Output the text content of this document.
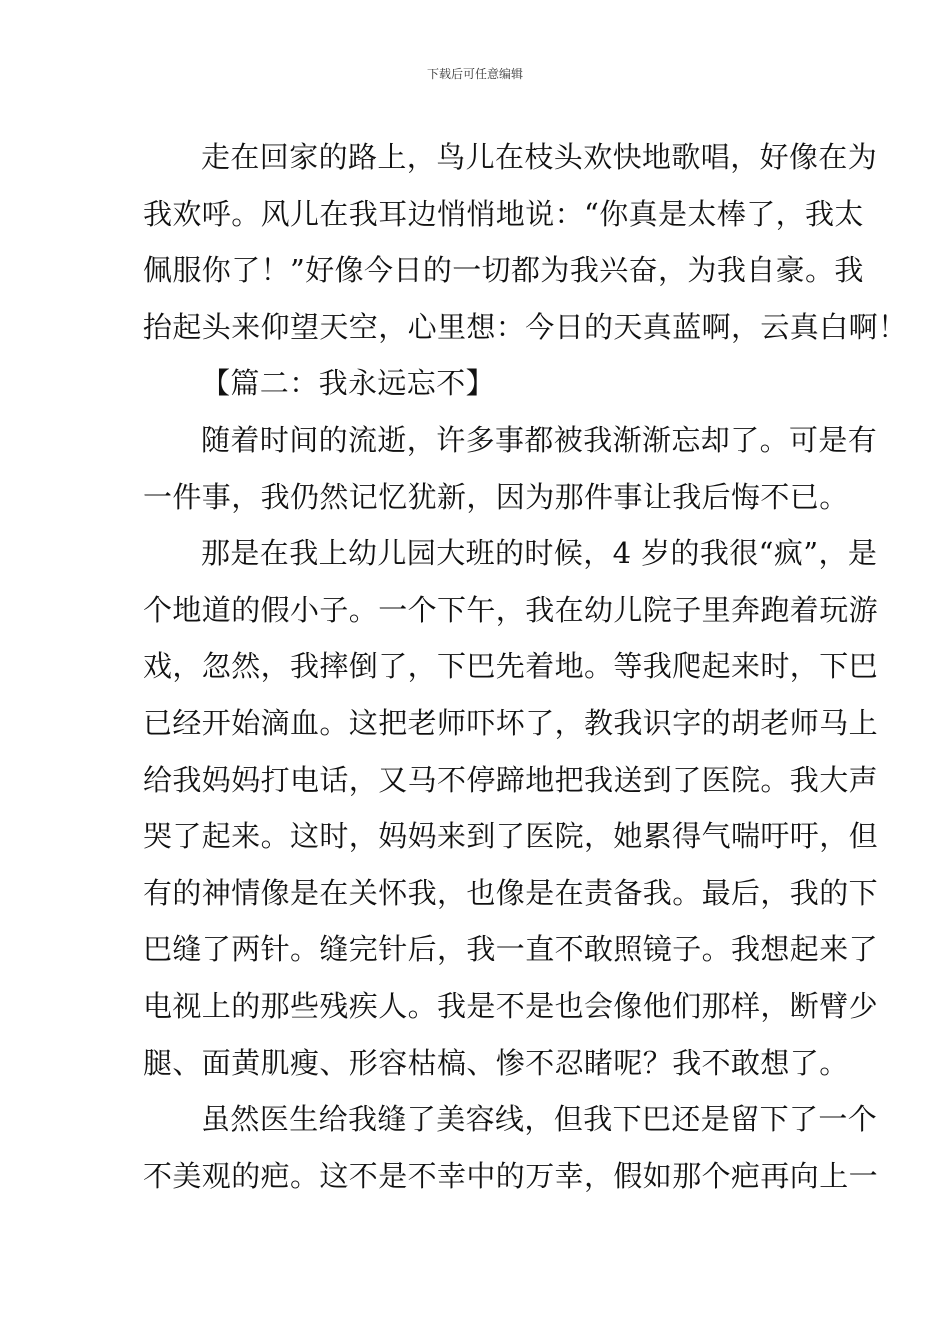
下载后可任意编辑
走在回家的路上，鸟儿在枝头欢快地歌唱，好像在为
我欢呼。风儿在我耳边悄悄地说：“你真是太棒了，我太
佩服你了！”好像今日的一切都为我兴奋，为我自豪。我
抬起头来仰望天空，心里想：今日的天真蓝啊，云真白啊！
【篇二：我永远忘不】
随着时间的流逝，许多事都被我渐渐忘却了。可是有
一件事，我仍然记忆犹新，因为那件事让我后悔不已。
那是在我上幼儿园大班的时候，4 岁的我很“疯”，是
个地道的假小子。一个下午，我在幼儿院子里奔跑着玩游
戏，忽然，我摔倒了，下巴先着地。等我爬起来时，下巴
已经开始滴血。这把老师吓坏了，教我识字的胡老师马上
给我妈妈打电话，又马不停蹄地把我送到了医院。我大声
哭了起来。这时，妈妈来到了医院，她累得气喘吁吁，但
有的神情像是在关怀我，也像是在责备我。最后，我的下
巴缝了两针。缝完针后，我一直不敢照镜子。我想起来了
电视上的那些残疾人。我是不是也会像他们那样，断臂少
腿、面黄肌瘦、形容枯槁、惨不忍睹呢？我不敢想了。
虽然医生给我缝了美容线，但我下巴还是留下了一个
不美观的疤。这不是不幸中的万幸，假如那个疤再向上一
